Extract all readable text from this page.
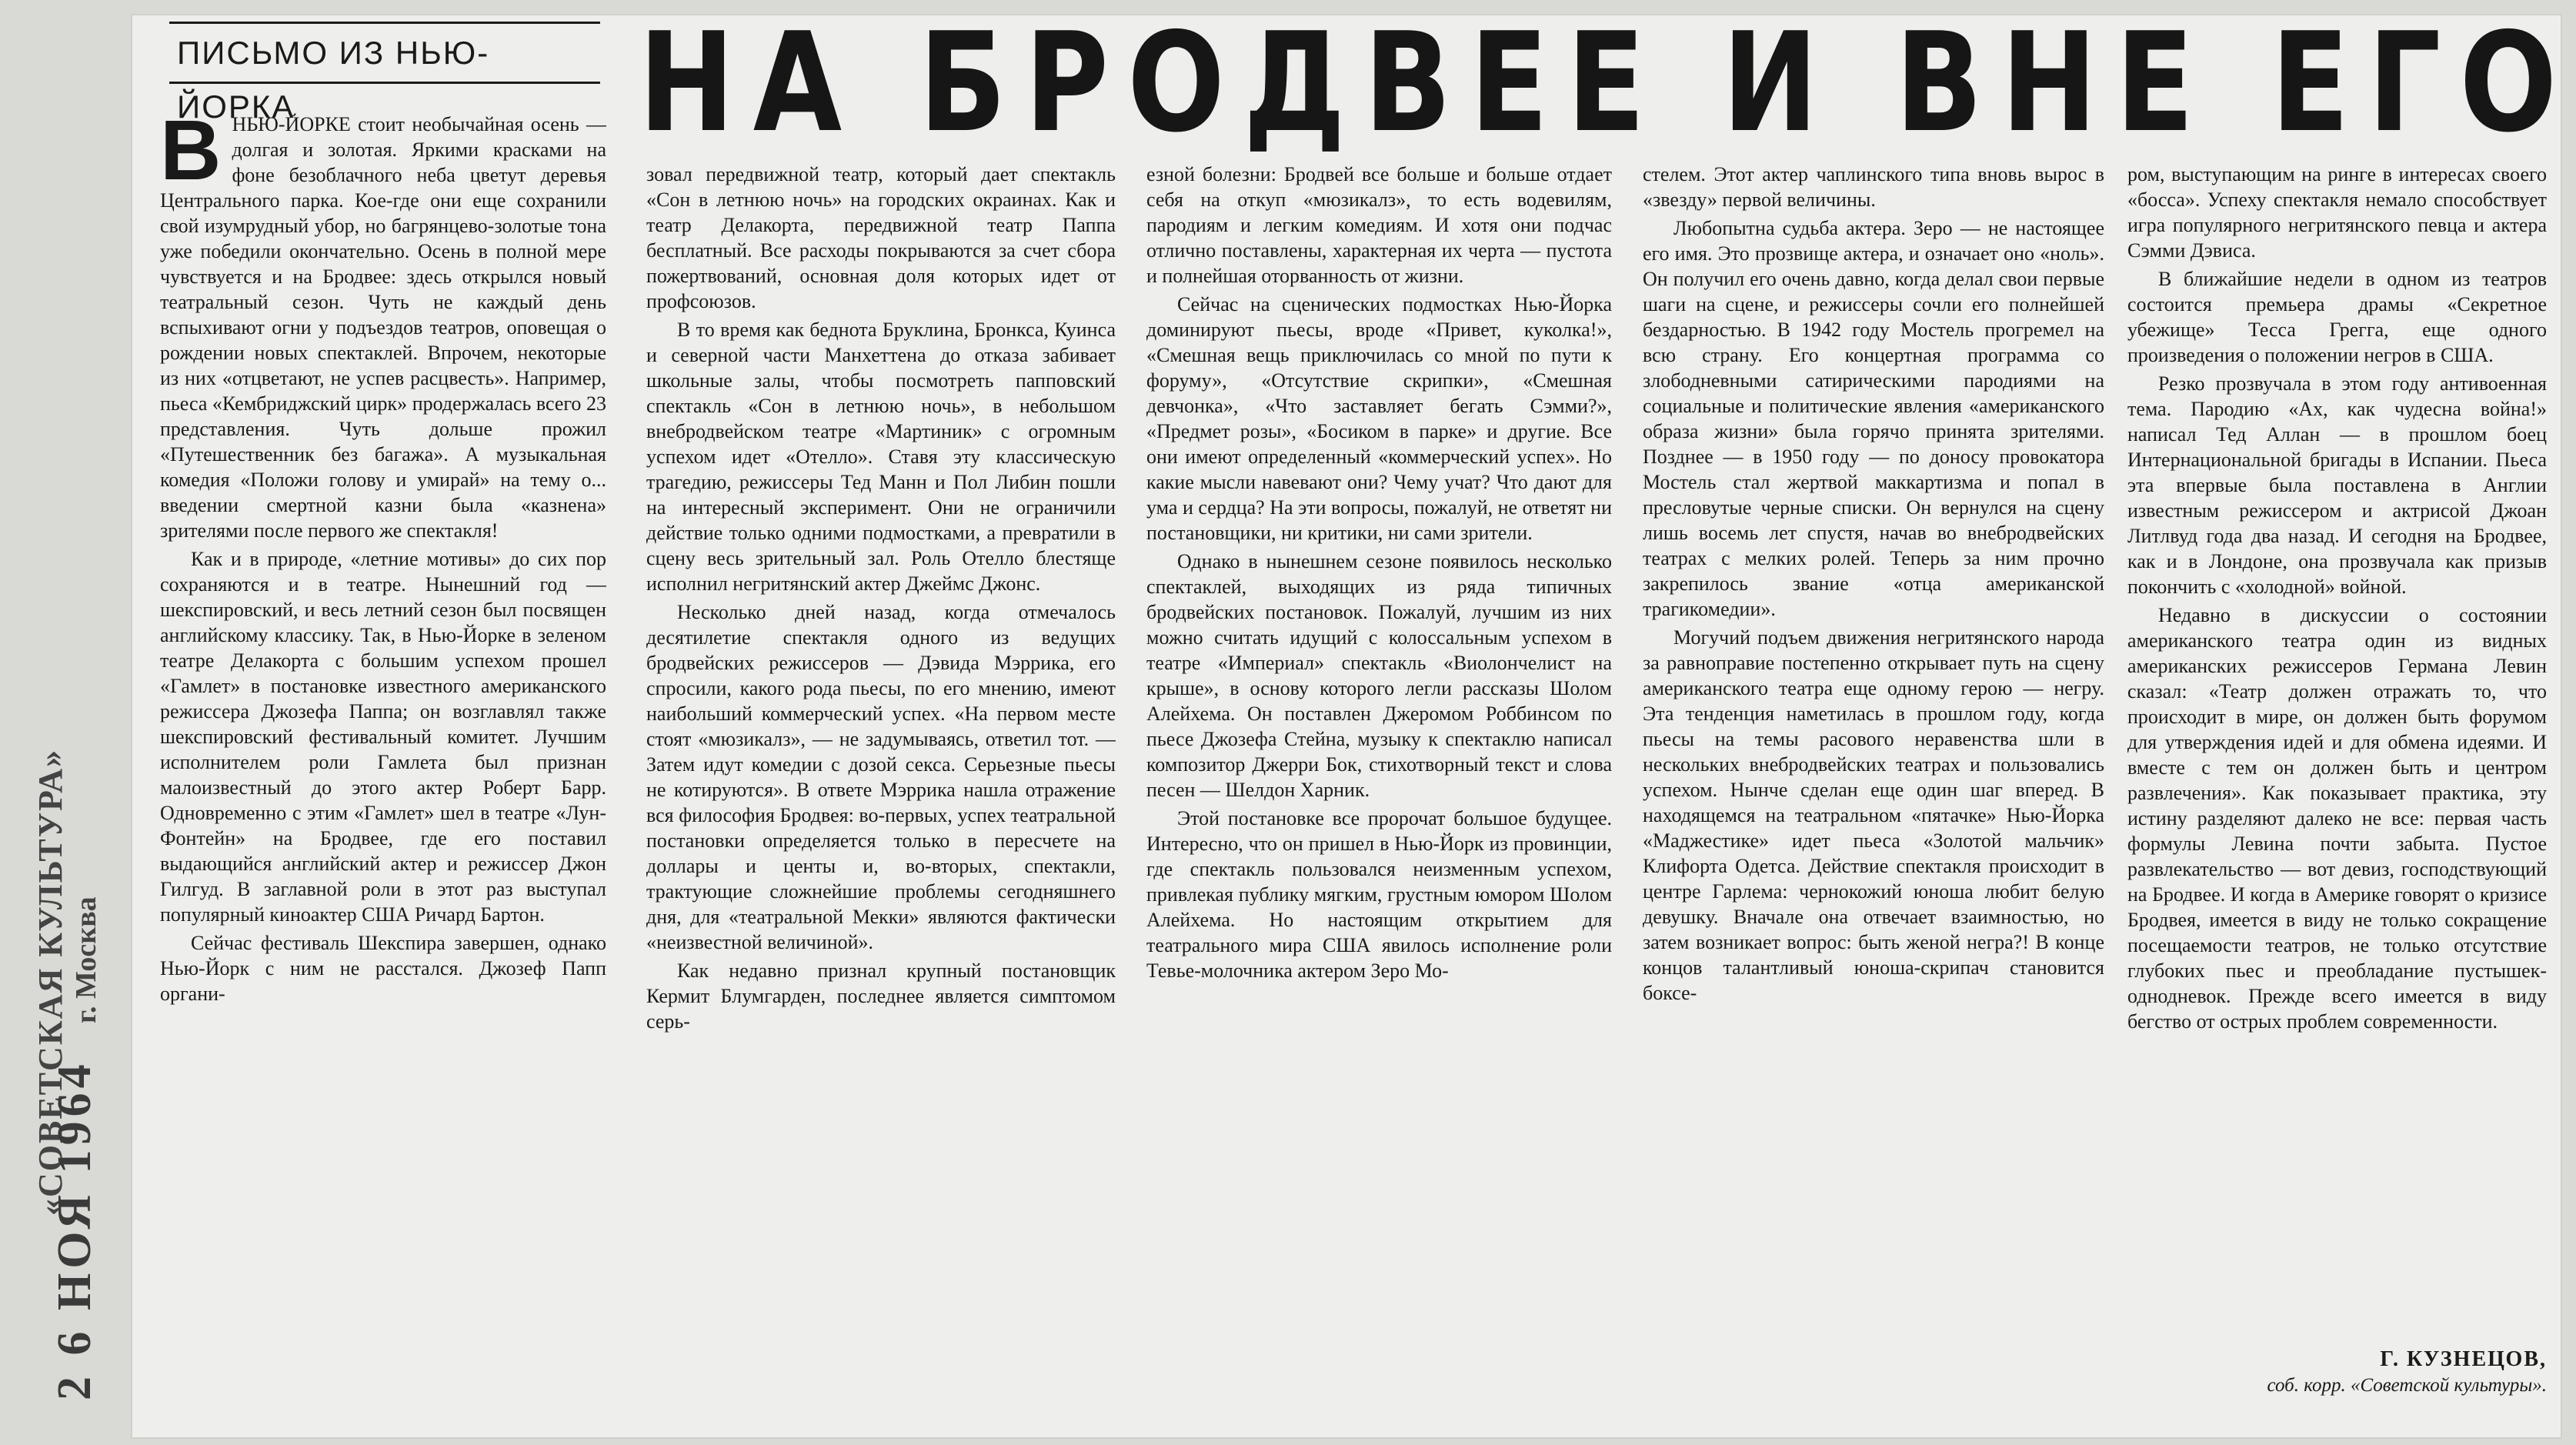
«СОВЕТСКАЯ КУЛЬТУРА» г. Москва
2 6 НОЯ 1964
ПИСЬМО ИЗ НЬЮ-ЙОРКА	НА БРОДВЕЕ И ВНЕ ЕГО

ВНЬЮ-ЙОРКЕ стоит необычайная осень — долгая и золотая. Яркими красками на фоне безоблачного неба цветут деревья Центрального парка. Кое-где они еще сохранили свой изумрудный убор, но багрянцево-золотые тона уже победили окончательно. Осень в полной мере чувствуется и на Бродвее: здесь открылся новый театральный сезон. Чуть не каждый день вспыхивают огни у подъездов театров, оповещая о рождении новых спектаклей. Впрочем, некоторые из них «отцветают, не успев расцвесть». Например, пьеса «Кембриджский цирк» продержалась всего 23 представления. Чуть дольше прожил «Путешественник без багажа». А музыкальная комедия «Положи голову и умирай» на тему о... введении смертной казни была «казнена» зрителями после первого же спектакля!

Как и в природе, «летние мотивы» до сих пор сохраняются и в театре. Нынешний год — шекспировский, и весь летний сезон был посвящен английскому классику. Так, в Нью-Йорке в зеленом театре Делакорта с большим успехом прошел «Гамлет» в постановке известного американского режиссера Джозефа Паппа; он возглавлял также шекспировский фестивальный комитет. Лучшим исполнителем роли Гамлета был признан малоизвестный до этого актер Роберт Барр. Одновременно с этим «Гамлет» шел в театре «Лун-Фонтейн» на Бродвее, где его поставил выдающийся английский актер и режиссер Джон Гилгуд. В заглавной роли в этот раз выступал популярный киноактер США Ричард Бартон.

Сейчас фестиваль Шекспира завершен, однако Нью-Йорк с ним не расстался. Джозеф Папп органи-

зовал передвижной театр, который дает спектакль «Сон в летнюю ночь» на городских окраинах. Как и театр Делакорта, передвижной театр Паппа бесплатный. Все расходы покрываются за счет сбора пожертвований, основная доля которых идет от профсоюзов.

В то время как беднота Бруклина, Бронкса, Куинса и северной части Манхеттена до отказа забивает школьные залы, чтобы посмотреть папповский спектакль «Сон в летнюю ночь», в небольшом внебродвейском театре «Мартиник» с огромным успехом идет «Отелло». Ставя эту классическую трагедию, режиссеры Тед Манн и Пол Либин пошли на интересный эксперимент. Они не ограничили действие только одними подмостками, а превратили в сцену весь зрительный зал. Роль Отелло блестяще исполнил негритянский актер Джеймс Джонс.

Несколько дней назад, когда отмечалось десятилетие спектакля одного из ведущих бродвейских режиссеров — Дэвида Мэррика, его спросили, какого рода пьесы, по его мнению, имеют наибольший коммерческий успех. «На первом месте стоят «мюзикалз», — не задумываясь, ответил тот. — Затем идут комедии с дозой секса. Серьезные пьесы не котируются». В ответе Мэррика нашла отражение вся философия Бродвея: во-первых, успех театральной постановки определяется только в пересчете на доллары и центы и, во-вторых, спектакли, трактующие сложнейшие проблемы сегодняшнего дня, для «театральной Мекки» являются фактически «неизвестной величиной».

Как недавно признал крупный постановщик Кермит Блумгарден, последнее является симптомом серь-

езной болезни: Бродвей все больше и больше отдает себя на откуп «мюзикалз», то есть водевилям, пародиям и легким комедиям. И хотя они подчас отлично поставлены, характерная их черта — пустота и полнейшая оторванность от жизни.

Сейчас на сценических подмостках Нью-Йорка доминируют пьесы, вроде «Привет, куколка!», «Смешная вещь приключилась со мной по пути к форуму», «Отсутствие скрипки», «Смешная девчонка», «Что заставляет бегать Сэмми?», «Предмет розы», «Босиком в парке» и другие. Все они имеют определенный «коммерческий успех». Но какие мысли навевают они? Чему учат? Что дают для ума и сердца? На эти вопросы, пожалуй, не ответят ни постановщики, ни критики, ни сами зрители.

Однако в нынешнем сезоне появилось несколько спектаклей, выходящих из ряда типичных бродвейских постановок. Пожалуй, лучшим из них можно считать идущий с колоссальным успехом в театре «Империал» спектакль «Виолончелист на крыше», в основу которого легли рассказы Шолом Алейхема. Он поставлен Джеромом Роббинсом по пьесе Джозефа Стейна, музыку к спектаклю написал композитор Джерри Бок, стихотворный текст и слова песен — Шелдон Харник.

Этой постановке все пророчат большое будущее. Интересно, что он пришел в Нью-Йорк из провинции, где спектакль пользовался неизменным успехом, привлекая публику мягким, грустным юмором Шолом Алейхема. Но настоящим открытием для театрального мира США явилось исполнение роли Тевье-молочника актером Зеро Мо-

стелем. Этот актер чаплинского типа вновь вырос в «звезду» первой величины.

Любопытна судьба актера. Зеро — не настоящее его имя. Это прозвище актера, и означает оно «ноль». Он получил его очень давно, когда делал свои первые шаги на сцене, и режиссеры сочли его полнейшей бездарностью. В 1942 году Мостель прогремел на всю страну. Его концертная программа со злободневными сатирическими пародиями на социальные и политические явления «американского образа жизни» была горячо принята зрителями. Позднее — в 1950 году — по доносу провокатора Мостель стал жертвой маккартизма и попал в пресловутые черные списки. Он вернулся на сцену лишь восемь лет спустя, начав во внебродвейских театрах с мелких ролей. Теперь за ним прочно закрепилось звание «отца американской трагикомедии».

Могучий подъем движения негритянского народа за равноправие постепенно открывает путь на сцену американского театра еще одному герою — негру. Эта тенденция наметилась в прошлом году, когда пьесы на темы расового неравенства шли в нескольких внебродвейских театрах и пользовались успехом. Нынче сделан еще один шаг вперед. В находящемся на театральном «пятачке» Нью-Йорка «Маджестике» идет пьеса «Золотой мальчик» Клифорта Одетса. Действие спектакля происходит в центре Гарлема: чернокожий юноша любит белую девушку. Вначале она отвечает взаимностью, но затем возникает вопрос: быть женой негра?! В конце концов талантливый юноша-скрипач становится боксе-

ром, выступающим на ринге в интересах своего «босса». Успеху спектакля немало способствует игра популярного негритянского певца и актера Сэмми Дэвиса.

В ближайшие недели в одном из театров состоится премьера драмы «Секретное убежище» Тесса Грегга, еще одного произведения о положении негров в США.

Резко прозвучала в этом году антивоенная тема. Пародию «Ах, как чудесна война!» написал Тед Аллан — в прошлом боец Интернациональной бригады в Испании. Пьеса эта впервые была поставлена в Англии известным режиссером и актрисой Джоан Литлвуд года два назад. И сегодня на Бродвее, как и в Лондоне, она прозвучала как призыв покончить с «холодной» войной.

Недавно в дискуссии о состоянии американского театра один из видных американских режиссеров Германа Левин сказал: «Театр должен отражать то, что происходит в мире, он должен быть форумом для утверждения идей и для обмена идеями. И вместе с тем он должен быть и центром развлечения». Как показывает практика, эту истину разделяют далеко не все: первая часть формулы Левина почти забыта. Пустое развлекательство — вот девиз, господствующий на Бродвее. И когда в Америке говорят о кризисе Бродвея, имеется в виду не только сокращение посещаемости театров, не только отсутствие глубоких пьес и преобладание пустышек-однодневок. Прежде всего имеется в виду бегство от острых проблем современности.

Г. КУЗНЕЦОВ,
соб. корр. «Советской культуры».
